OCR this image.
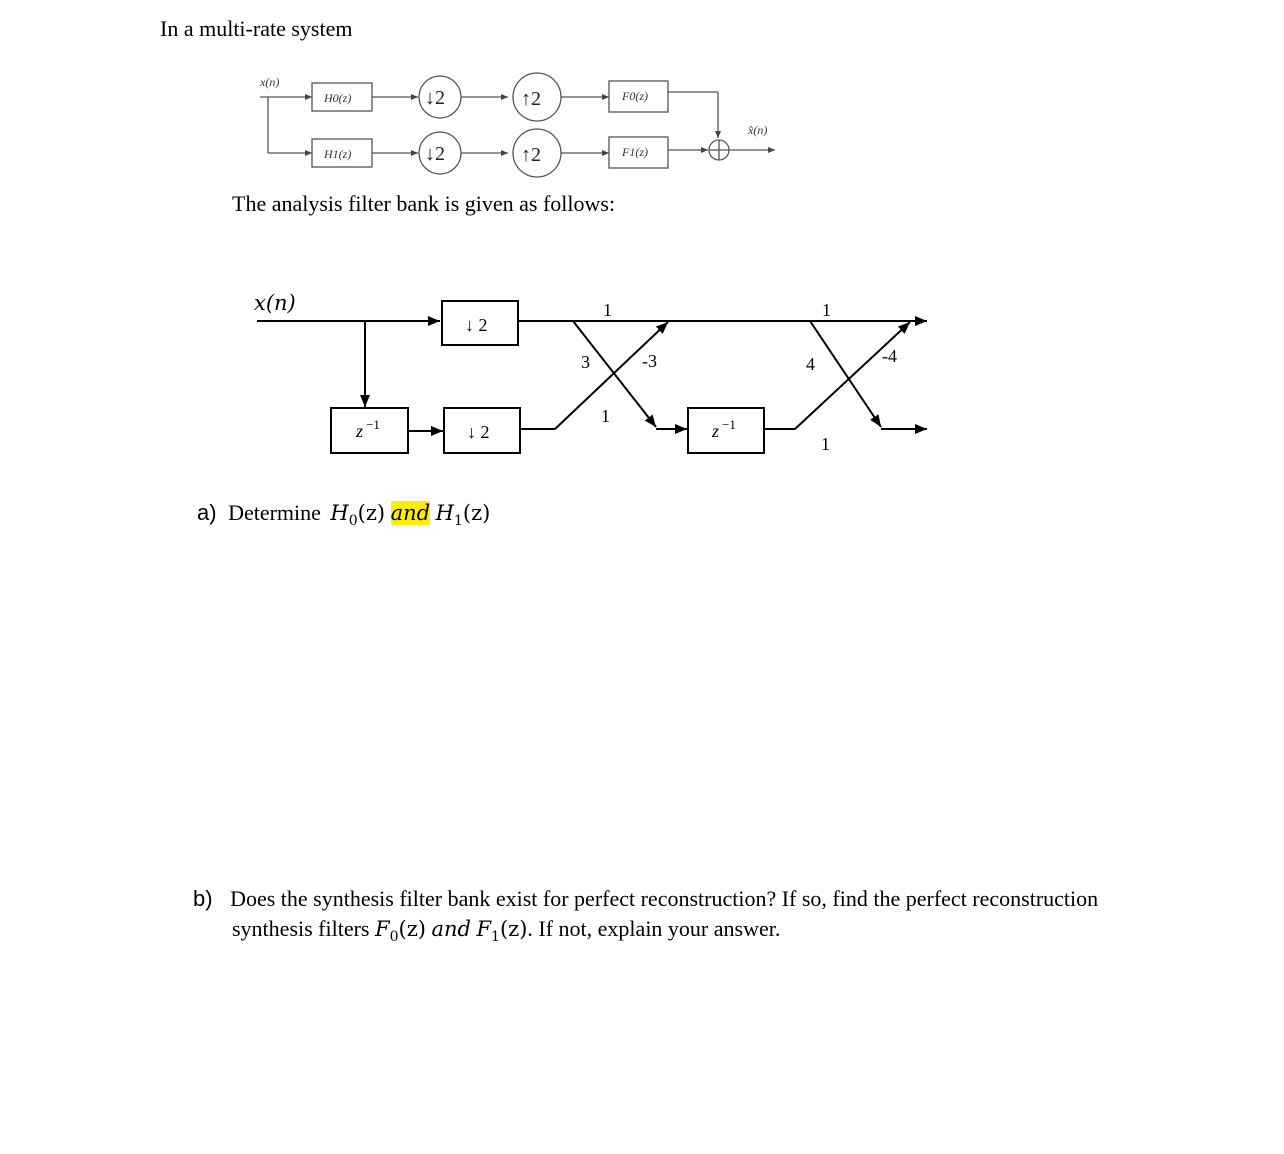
In a multi-rate system
x(n)
x̂(n)
H0(z)
H1(z)
F0(z)
F1(z)
↓2	↑2
↓2	↑2
The analysis filter bank is given as follows:
x(n)
z −1	z −1
↓ 2
↓ 2
1
3	-3
1
1
4	-4
1
a) Determine $H_0(z)$ and $H_1(z)$
b) Does the synthesis filter bank exist for perfect reconstruction? If so, find the perfect reconstruction
synthesis filters $F_0(z)$ and $F_1(z)$. If not, explain your answer.
